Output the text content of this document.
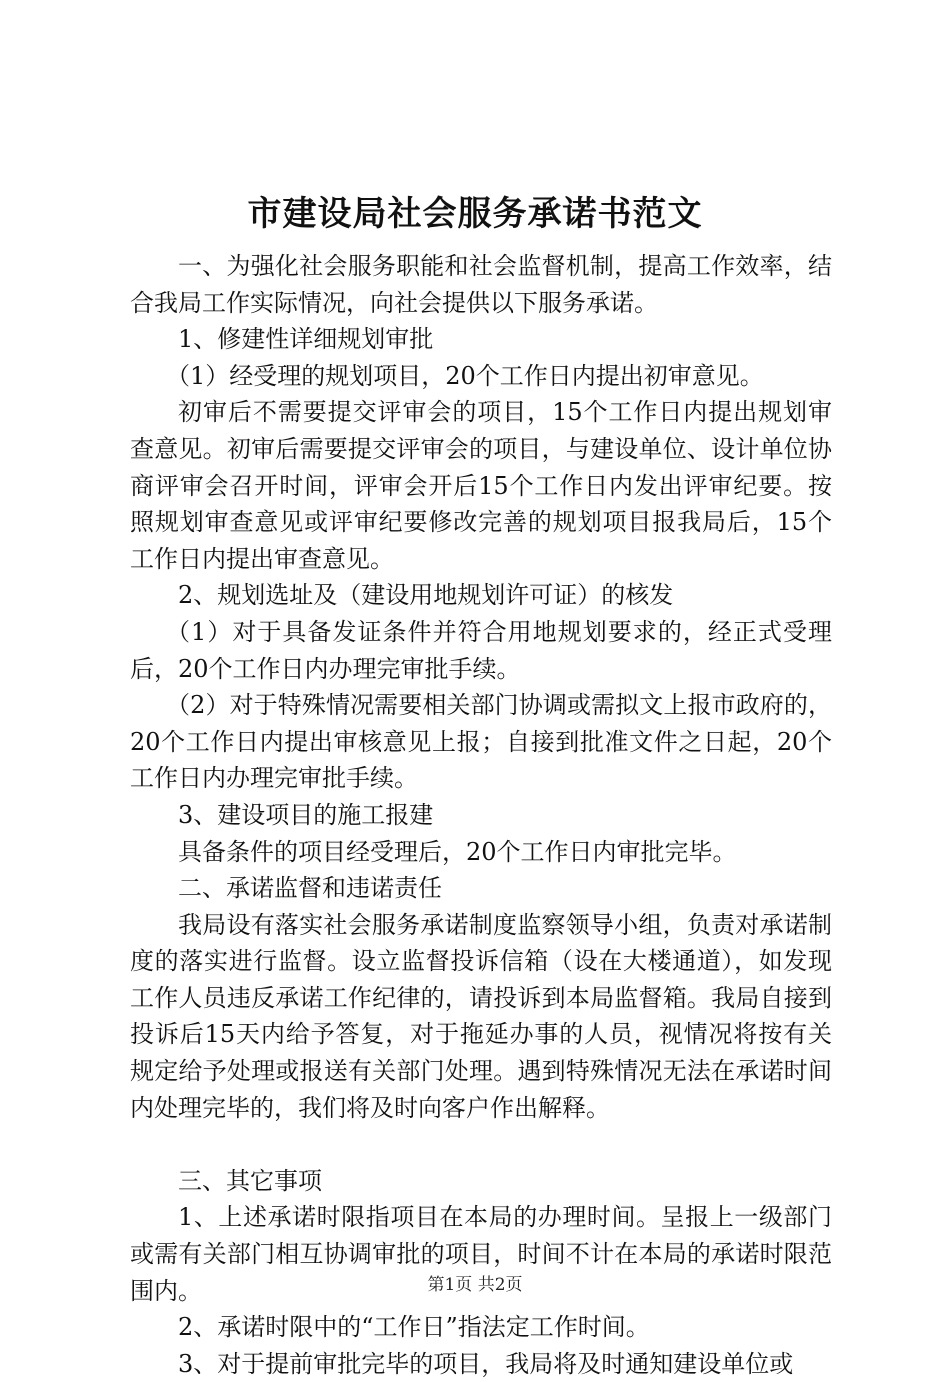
市建设局社会服务承诺书范文

一、为强化社会服务职能和社会监督机制，提高工作效率，结合我局工作实际情况，向社会提供以下服务承诺。

1、修建性详细规划审批

（1）经受理的规划项目，20个工作日内提出初审意见。

初审后不需要提交评审会的项目，15个工作日内提出规划审查意见。初审后需要提交评审会的项目，与建设单位、设计单位协商评审会召开时间，评审会开后15个工作日内发出评审纪要。按照规划审查意见或评审纪要修改完善的规划项目报我局后，15个工作日内提出审查意见。

2、规划选址及（建设用地规划许可证）的核发

（1）对于具备发证条件并符合用地规划要求的，经正式受理后，20个工作日内办理完审批手续。

（2）对于特殊情况需要相关部门协调或需拟文上报市政府的，20个工作日内提出审核意见上报；自接到批准文件之日起，20个工作日内办理完审批手续。

3、建设项目的施工报建

具备条件的项目经受理后，20个工作日内审批完毕。

二、承诺监督和违诺责任

我局设有落实社会服务承诺制度监察领导小组，负责对承诺制度的落实进行监督。设立监督投诉信箱（设在大楼通道），如发现工作人员违反承诺工作纪律的，请投诉到本局监督箱。我局自接到投诉后15天内给予答复，对于拖延办事的人员，视情况将按有关规定给予处理或报送有关部门处理。遇到特殊情况无法在承诺时间内处理完毕的，我们将及时向客户作出解释。

三、其它事项

1、上述承诺时限指项目在本局的办理时间。呈报上一级部门或需有关部门相互协调审批的项目，时间不计在本局的承诺时限范围内。

2、承诺时限中的“工作日”指法定工作时间。

3、对于提前审批完毕的项目，我局将及时通知建设单位或

第1页 共2页
